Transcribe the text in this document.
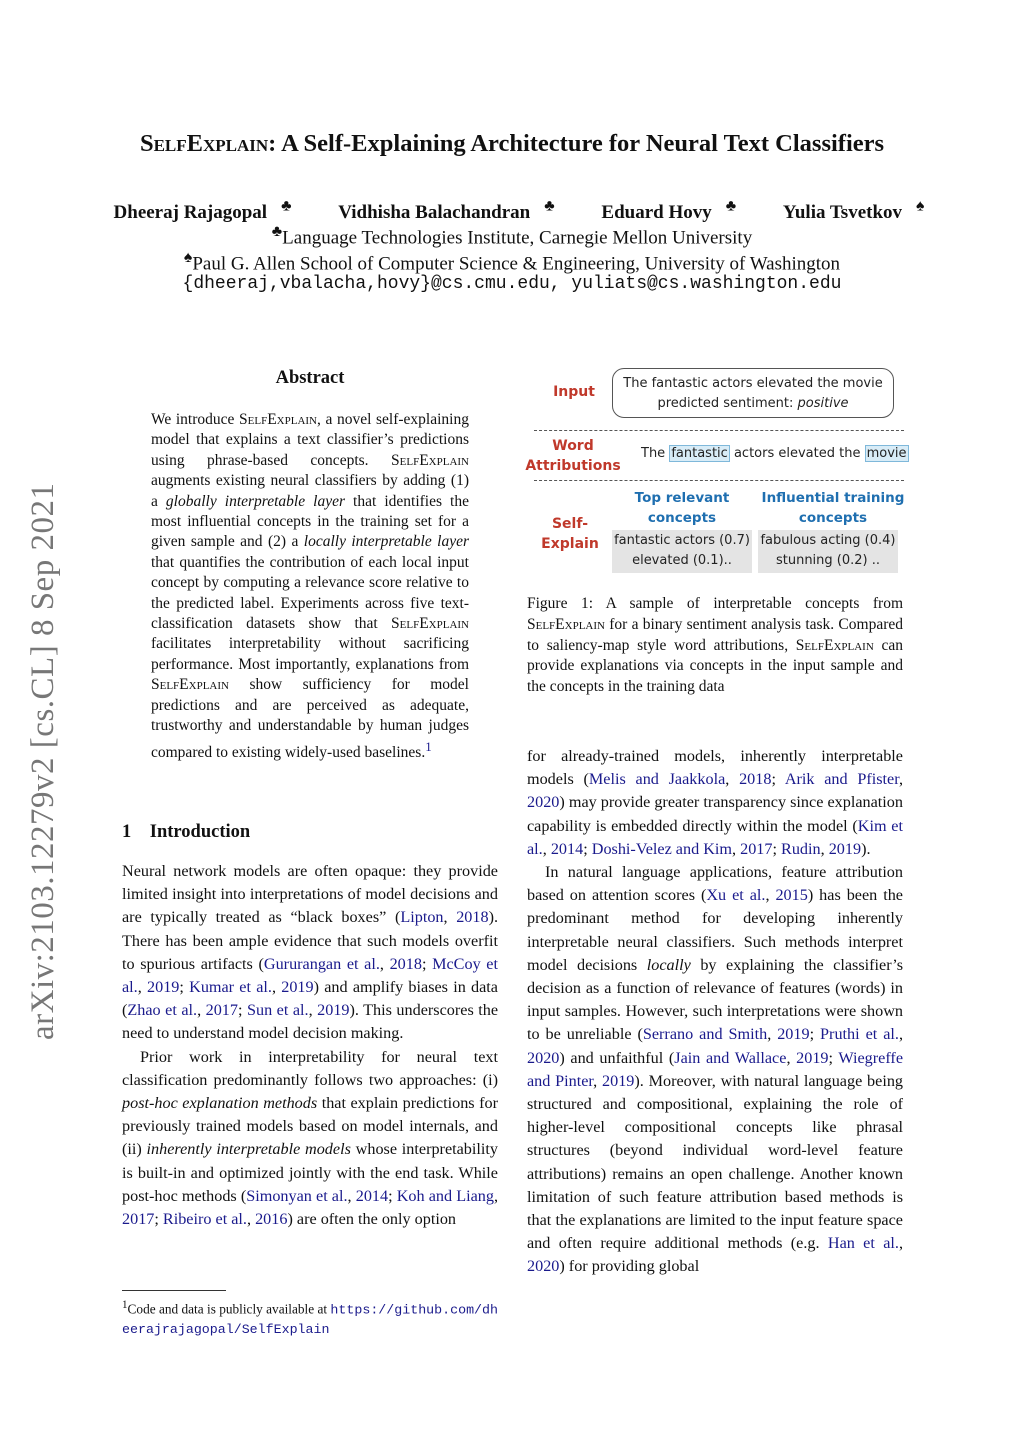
arXiv:2103.12279v2 [cs.CL] 8 Sep 2021
SelfExplain: A Self-Explaining Architecture for Neural Text Classifiers
Dheeraj Rajagopal ♣ Vidhisha Balachandran ♣ Eduard Hovy ♣ Yulia Tsvetkov ♠
♣Language Technologies Institute, Carnegie Mellon University
♠Paul G. Allen School of Computer Science & Engineering, University of Washington
{dheeraj,vbalacha,hovy}@cs.cmu.edu, yuliats@cs.washington.edu
Abstract
We introduce SelfExplain, a novel self-explaining model that explains a text classifier’s predictions using phrase-based concepts. SelfExplain augments existing neural classifiers by adding (1) a globally interpretable layer that identifies the most influential concepts in the training set for a given sample and (2) a locally interpretable layer that quantifies the contribution of each local input concept by computing a relevance score relative to the predicted label. Experiments across five text-classification datasets show that SelfExplain facilitates interpretability without sacrificing performance. Most importantly, explanations from SelfExplain show sufficiency for model predictions and are perceived as adequate, trustworthy and understandable by human judges compared to existing widely-used baselines.$^1$
1    Introduction

Neural network models are often opaque: they provide limited insight into interpretations of model decisions and are typically treated as “black boxes” (Lipton, 2018). There has been ample evidence that such models overfit to spurious artifacts (Gururangan et al., 2018; McCoy et al., 2019; Kumar et al., 2019) and amplify biases in data (Zhao et al., 2017; Sun et al., 2019). This underscores the need to understand model decision making.

Prior work in interpretability for neural text classification predominantly follows two approaches: (i) post-hoc explanation methods that explain predictions for previously trained models based on model internals, and (ii) inherently interpretable models whose interpretability is built-in and optimized jointly with the end task. While post-hoc methods (Simonyan et al., 2014; Koh and Liang, 2017; Ribeiro et al., 2016) are often the only option

$^1$Code and data is publicly available at https://github.com/dheerajrajagopal/SelfExplain
Input
The fantastic actors elevated the movie
predicted sentiment: positive
Word
Attributions
The fantastic actors elevated the movie
Self-
Explain
Top relevant
concepts
fantastic actors (0.7)
elevated (0.1)..
Influential training
concepts
fabulous acting (0.4)
stunning (0.2) ..
Figure 1: A sample of interpretable concepts from SelfExplain for a binary sentiment analysis task. Compared to saliency-map style word attributions, SelfExplain can provide explanations via concepts in the input sample and the concepts in the training data

for already-trained models, inherently interpretable models (Melis and Jaakkola, 2018; Arik and Pfister, 2020) may provide greater transparency since explanation capability is embedded directly within the model (Kim et al., 2014; Doshi-Velez and Kim, 2017; Rudin, 2019).

In natural language applications, feature attribution based on attention scores (Xu et al., 2015) has been the predominant method for developing inherently interpretable neural classifiers. Such methods interpret model decisions locally by explaining the classifier’s decision as a function of relevance of features (words) in input samples. However, such interpretations were shown to be unreliable (Serrano and Smith, 2019; Pruthi et al., 2020) and unfaithful (Jain and Wallace, 2019; Wiegreffe and Pinter, 2019). Moreover, with natural language being structured and compositional, explaining the role of higher-level compositional concepts like phrasal structures (beyond individual word-level feature attributions) remains an open challenge. Another known limitation of such feature attribution based methods is that the explanations are limited to the input feature space and often require additional methods (e.g. Han et al., 2020) for providing global
